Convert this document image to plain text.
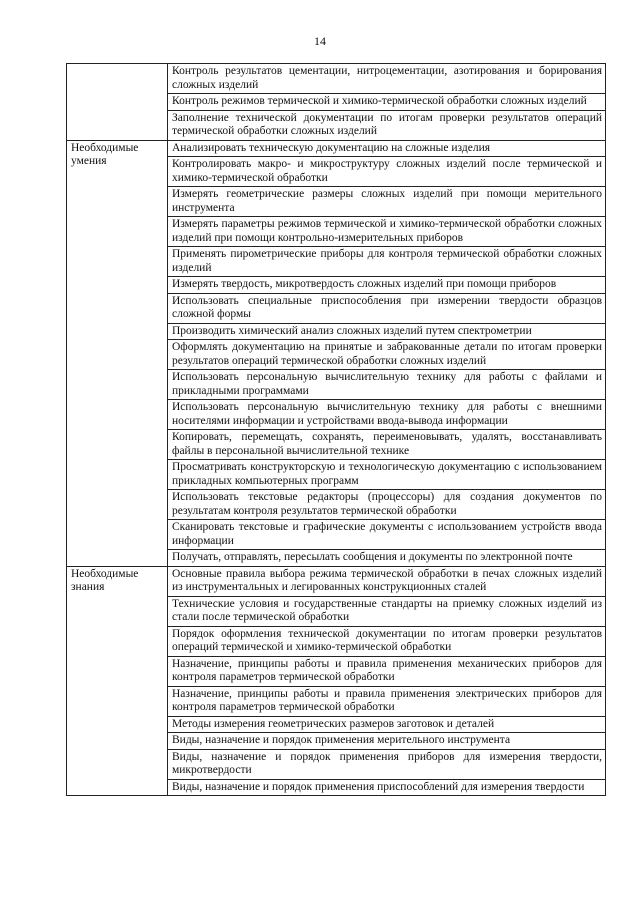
14
	Контроль результатов цементации, нитроцементации, азотирования и борирования сложных изделий
	Контроль режимов термической и химико-термической обработки сложных изделий
	Заполнение технической документации по итогам проверки результатов операций термической обработки сложных изделий
Необходимые умения	Анализировать техническую документацию на сложные изделия
	Контролировать макро- и микроструктуру сложных изделий после термической и химико-термической обработки
	Измерять геометрические размеры сложных изделий при помощи мерительного инструмента
	Измерять параметры режимов термической и химико-термической обработки сложных изделий при помощи контрольно-измерительных приборов
	Применять пирометрические приборы для контроля термической обработки сложных изделий
	Измерять твердость, микротвердость сложных изделий при помощи приборов
	Использовать специальные приспособления при измерении твердости образцов сложной формы
	Производить химический анализ сложных изделий путем спектрометрии
	Оформлять документацию на принятые и забракованные детали по итогам проверки результатов операций термической обработки сложных изделий
	Использовать персональную вычислительную технику для работы с файлами и прикладными программами
	Использовать персональную вычислительную технику для работы с внешними носителями информации и устройствами ввода-вывода информации
	Копировать, перемещать, сохранять, переименовывать, удалять, восстанавливать файлы в персональной вычислительной технике
	Просматривать конструкторскую и технологическую документацию с использованием прикладных компьютерных программ
	Использовать текстовые редакторы (процессоры) для создания документов по результатам контроля результатов термической обработки
	Сканировать текстовые и графические документы с использованием устройств ввода информации
	Получать, отправлять, пересылать сообщения и документы по электронной почте
Необходимые знания	Основные правила выбора режима термической обработки в печах сложных изделий из инструментальных и легированных конструкционных сталей
	Технические условия и государственные стандарты на приемку сложных изделий из стали после термической обработки
	Порядок оформления технической документации по итогам проверки результатов операций термической и химико-термической обработки
	Назначение, принципы работы и правила применения механических приборов для контроля параметров термической обработки
	Назначение, принципы работы и правила применения электрических приборов для контроля параметров термической обработки
	Методы измерения геометрических размеров заготовок и деталей
	Виды, назначение и порядок применения мерительного инструмента
	Виды, назначение и порядок применения приборов для измерения твердости, микротвердости
	Виды, назначение и порядок применения приспособлений для измерения твердости
